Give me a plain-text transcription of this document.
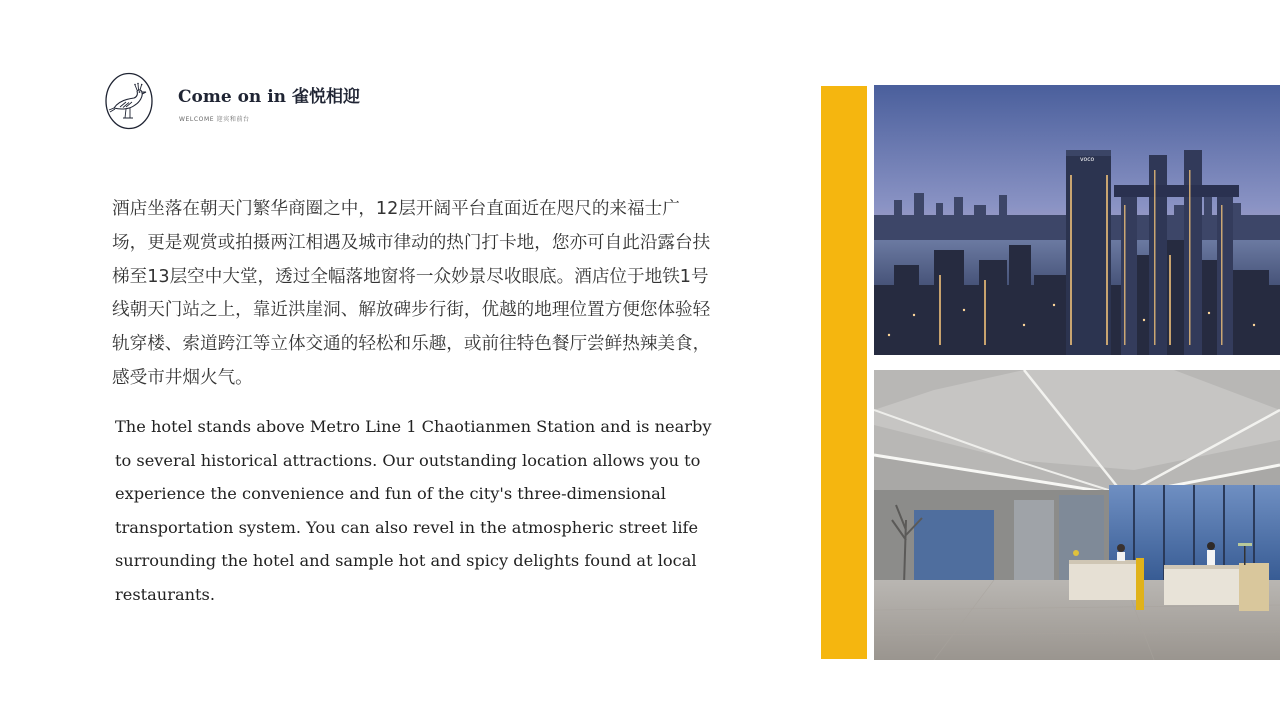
Come on in 雀悦相迎
WELCOME 迎宾和前台

酒店坐落在朝天门繁华商圈之中，12层开阔平台直面近在咫尺的来福士广场，更是观赏或拍摄两江相遇及城市律动的热门打卡地，您亦可自此沿露台扶梯至13层空中大堂，透过全幅落地窗将一众妙景尽收眼底。酒店位于地铁1号线朝天门站之上，靠近洪崖洞、解放碑步行街，优越的地理位置方便您体验轻轨穿楼、索道跨江等立体交通的轻松和乐趣，或前往特色餐厅尝鲜热辣美食，感受市井烟火气。

The hotel stands above Metro Line 1 Chaotianmen Station and is nearby to several historical attractions. Our outstanding location allows you to experience the convenience and fun of the city's three-dimensional transportation system. You can also revel in the atmospheric street life surrounding the hotel and sample hot and spicy delights found at local restaurants.

voco
